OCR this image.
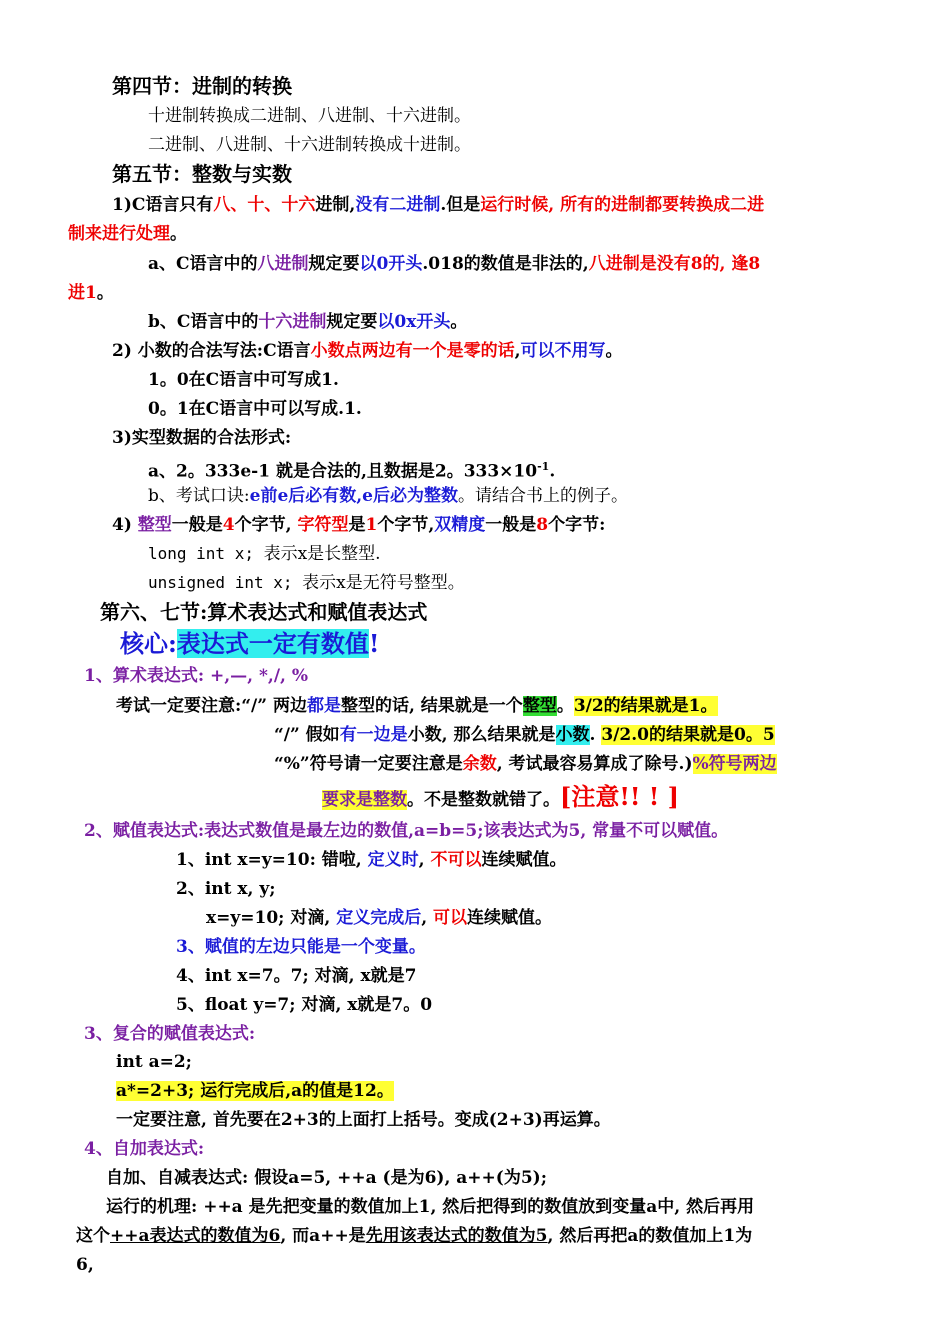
第四节：进制的转换
十进制转换成二进制、八进制、十六进制。
二进制、八进制、十六进制转换成十进制。
第五节：整数与实数
1)C语言只有八、十、十六进制,没有二进制.但是运行时候, 所有的进制都要转换成二进
制来进行处理。
a、C语言中的八进制规定要以0开头.018的数值是非法的,八进制是没有8的, 逢8
进1。
b、C语言中的十六进制规定要以0x开头。
2) 小数的合法写法:C语言小数点两边有一个是零的话,可以不用写。
1。0在C语言中可写成1.
0。1在C语言中可以写成.1.
3)实型数据的合法形式:
a、2。333e-1 就是合法的,且数据是2。$333\times 10^{-1}$.
b、考试口诀:e前e后必有数,e后必为整数。请结合书上的例子。
4) 整型一般是4个字节, 字符型是1个字节,双精度一般是8个字节:
long int x; 表示x是长整型.
unsigned int x; 表示x是无符号整型。
第六、七节:算术表达式和赋值表达式
核心:表达式一定有数值!
1、算术表达式: +,—, *,/, %
考试一定要注意:“/” 两边都是整型的话, 结果就是一个整型。3/2的结果就是1。
“/” 假如有一边是小数, 那么结果就是小数. 3/2.0的结果就是0。5
“%”符号请一定要注意是余数, 考试最容易算成了除号.)%符号两边
要求是整数。不是整数就错了。[注意!! ! ]
2、赋值表达式:表达式数值是最左边的数值,a=b=5;该表达式为5, 常量不可以赋值。
1、int x=y=10: 错啦, 定义时, 不可以连续赋值。
2、int x, y;
x=y=10; 对滴, 定义完成后, 可以连续赋值。
3、赋值的左边只能是一个变量。
4、int x=7。7; 对滴, x就是7
5、float y=7; 对滴, x就是7。0
3、复合的赋值表达式:
int a=2;
a*=2+3; 运行完成后,a的值是12。
一定要注意, 首先要在2+3的上面打上括号。变成(2+3)再运算。
4、自加表达式:
自加、自减表达式: 假设a=5, ++a (是为6), a++(为5);
运行的机理: ++a 是先把变量的数值加上1, 然后把得到的数值放到变量a中, 然后再用
这个++a表达式的数值为6, 而a++是先用该表达式的数值为5, 然后再把a的数值加上1为
6,
